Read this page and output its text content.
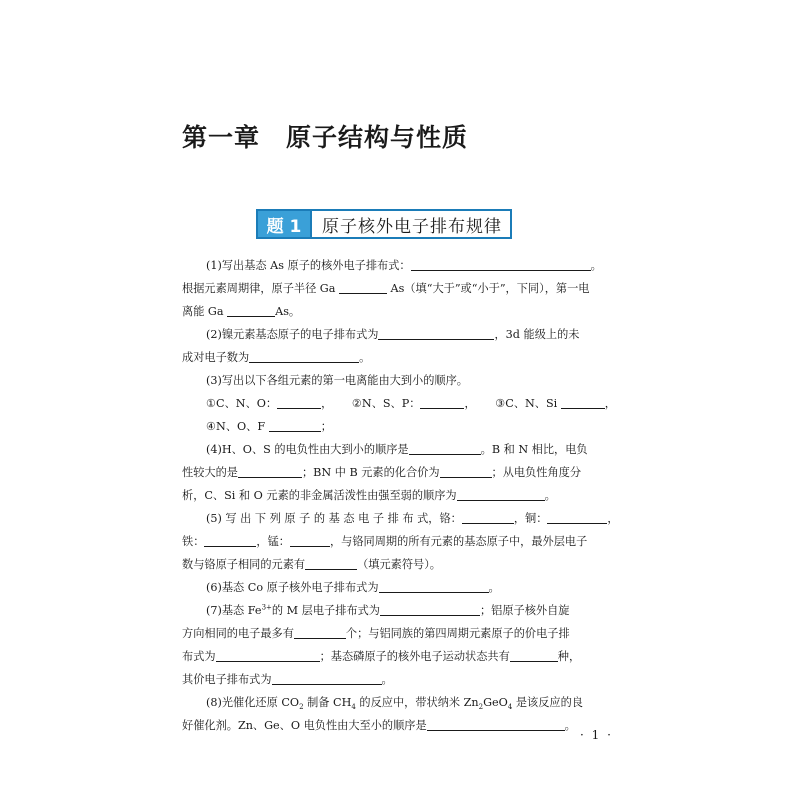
第一章　原子结构与性质
题 1	原子核外电子排布规律
(1)写出基态 As 原子的核外电子排布式：	。
根据元素周期律，原子半径 Ga	As（填“大于”或“小于”，下同），第一电
离能 Ga	As。
(2)镍元素基态原子的电子排布式为	，3d 能级上的未
成对电子数为	。
(3)写出以下各组元素的第一电离能由大到小的顺序。
①C、N、O：	， ②N、S、P：	， ③C、N、Si	，
④N、O、F	；
(4)H、O、S 的电负性由大到小的顺序是	。B 和 N 相比，电负
性较大的是	；BN 中 B 元素的化合价为	；从电负性角度分
析，C、Si 和 O 元素的非金属活泼性由强至弱的顺序为	。
(5) 写 出 下 列 原 子 的 基 态 电 子 排 布 式，铬：	，铜：	，
铁：	，锰：	，与铬同周期的所有元素的基态原子中，最外层电子
数与铬原子相同的元素有	（填元素符号）。
(6)基态 Co 原子核外电子排布式为	。
(7)基态 $Fe^{3+}$的 M 层电子排布式为	；铝原子核外自旋
方向相同的电子最多有	个；与铝同族的第四周期元素原子的价电子排
布式为	；基态磷原子的核外电子运动状态共有	种，
其价电子排布式为	。
(8)光催化还原 $CO_2$ 制备 $CH_4$ 的反应中，带状纳米 $Zn_2GeO_4$ 是该反应的良
好催化剂。Zn、Ge、O 电负性由大至小的顺序是	。
· 1 ·
